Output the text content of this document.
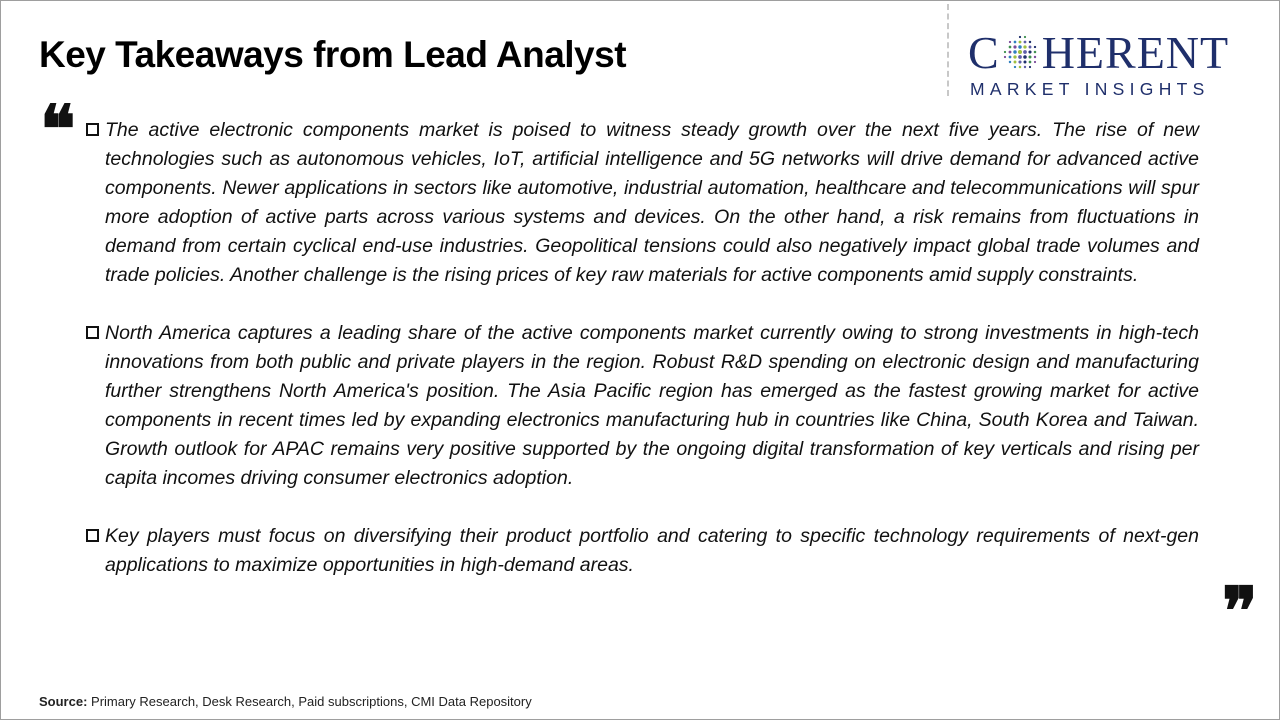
Key Takeaways from Lead Analyst	C HERENT
MARKET INSIGHTS
❝ The active electronic components market is poised to witness steady growth over the next five years. The rise of new technologies such as autonomous vehicles, IoT, artificial intelligence and 5G networks will drive demand for advanced active components. Newer applications in sectors like automotive, industrial automation, healthcare and telecommunications will spur more adoption of active parts across various systems and devices. On the other hand, a risk remains from fluctuations in demand from certain cyclical end-use industries. Geopolitical tensions could also negatively impact global trade volumes and trade policies. Another challenge is the rising prices of key raw materials for active components amid supply constraints.

North America captures a leading share of the active components market currently owing to strong investments in high-tech innovations from both public and private players in the region. Robust R&D spending on electronic design and manufacturing further strengthens North America's position. The Asia Pacific region has emerged as the fastest growing market for active components in recent times led by expanding electronics manufacturing hub in countries like China, South Korea and Taiwan. Growth outlook for APAC remains very positive supported by the ongoing digital transformation of key verticals and rising per capita incomes driving consumer electronics adoption.

Key players must focus on diversifying their product portfolio and catering to specific technology requirements of next-gen applications to maximize opportunities in high-demand areas.

❞
Source: Primary Research, Desk Research, Paid subscriptions, CMI Data Repository
